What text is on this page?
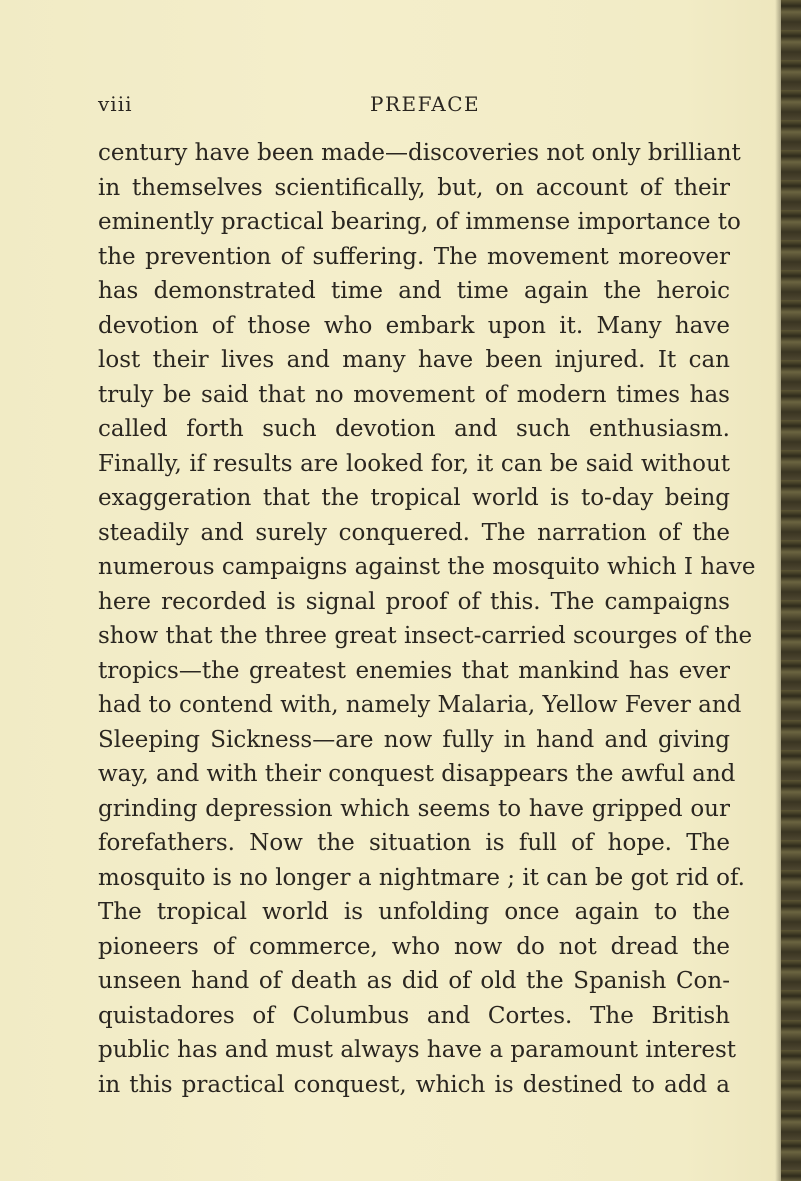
viii	PREFACE
century have been made—discoveries not only brilliant
in themselves scientifically, but, on account of their
eminently practical bearing, of immense importance to
the prevention of suffering. The movement moreover
has demonstrated time and time again the heroic
devotion of those who embark upon it. Many have
lost their lives and many have been injured. It can
truly be said that no movement of modern times has
called forth such devotion and such enthusiasm.
Finally, if results are looked for, it can be said without
exaggeration that the tropical world is to-day being
steadily and surely conquered. The narration of the
numerous campaigns against the mosquito which I have
here recorded is signal proof of this. The campaigns
show that the three great insect-carried scourges of the
tropics—the greatest enemies that mankind has ever
had to contend with, namely Malaria, Yellow Fever and
Sleeping Sickness—are now fully in hand and giving
way, and with their conquest disappears the awful and
grinding depression which seems to have gripped our
forefathers. Now the situation is full of hope. The
mosquito is no longer a nightmare ; it can be got rid of.
The tropical world is unfolding once again to the
pioneers of commerce, who now do not dread the
unseen hand of death as did of old the Spanish Con-
quistadores of Columbus and Cortes. The British
public has and must always have a paramount interest
in this practical conquest, which is destined to add a
